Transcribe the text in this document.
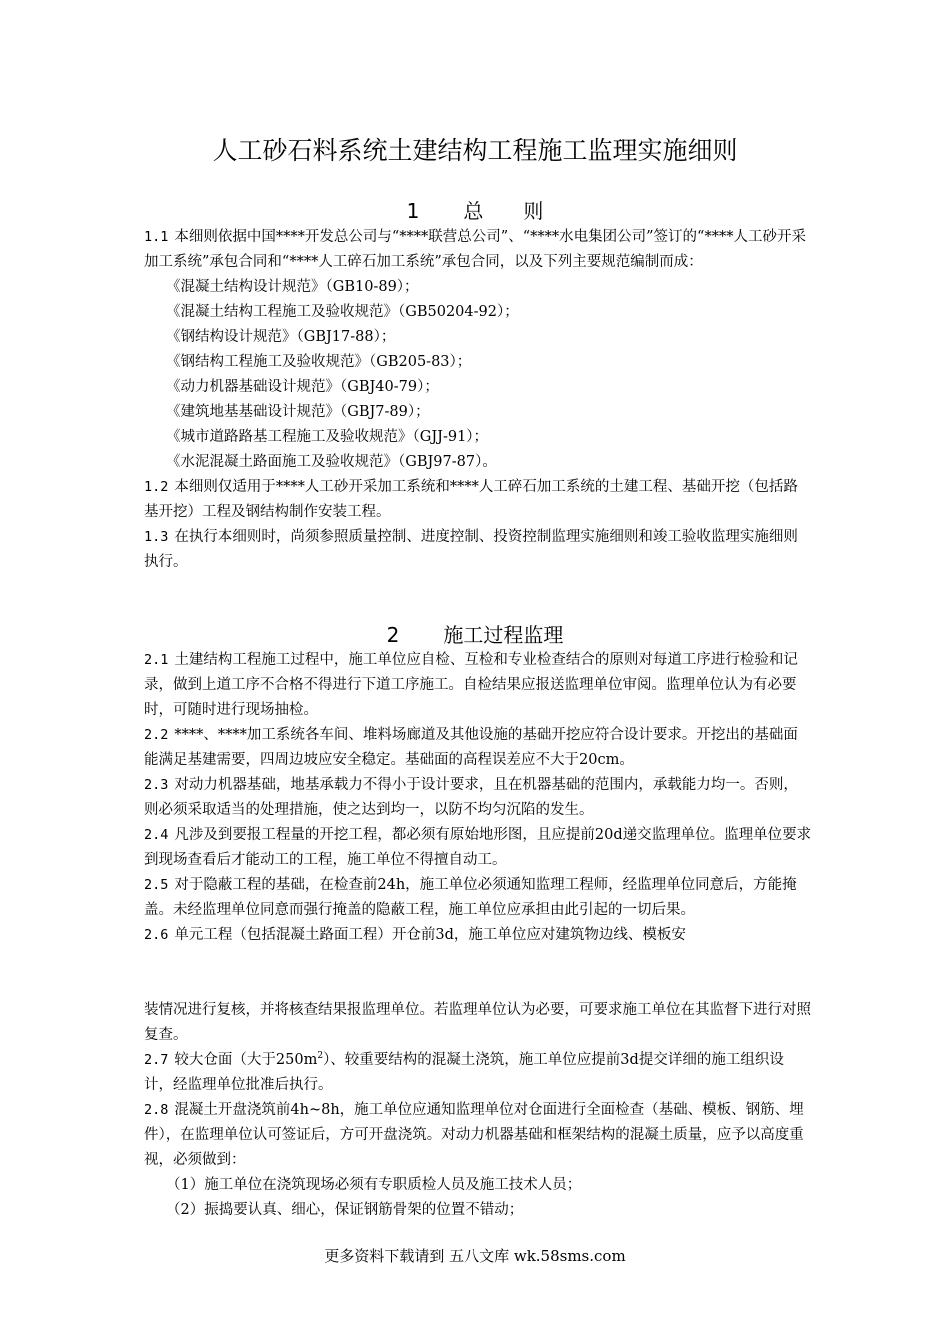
人工砂石料系统土建结构工程施工监理实施细则
1 总　　则

1.1 本细则依据中国****开发总公司与“****联营总公司”、“****水电集团公司”签订的“****人工砂开采加工系统”承包合同和“****人工碎石加工系统”承包合同，以及下列主要规范编制而成：

《混凝土结构设计规范》（GB10-89）；

《混凝土结构工程施工及验收规范》（GB50204-92）；

《钢结构设计规范》（GBJ17-88）；

《钢结构工程施工及验收规范》（GB205-83）；

《动力机器基础设计规范》（GBJ40-79）；

《建筑地基基础设计规范》（GBJ7-89）；

《城市道路路基工程施工及验收规范》（GJJ-91）；

《水泥混凝土路面施工及验收规范》（GBJ97-87）。

1.2 本细则仅适用于****人工砂开采加工系统和****人工碎石加工系统的土建工程、基础开挖（包括路基开挖）工程及钢结构制作安装工程。

1.3 在执行本细则时，尚须参照质量控制、进度控制、投资控制监理实施细则和竣工验收监理实施细则执行。

2 施工过程监理

2.1 土建结构工程施工过程中，施工单位应自检、互检和专业检查结合的原则对每道工序进行检验和记录，做到上道工序不合格不得进行下道工序施工。自检结果应报送监理单位审阅。监理单位认为有必要时，可随时进行现场抽检。

2.2 ****、****加工系统各车间、堆料场廊道及其他设施的基础开挖应符合设计要求。开挖出的基础面能满足基建需要，四周边坡应安全稳定。基础面的高程误差应不大于20cm。

2.3 对动力机器基础，地基承载力不得小于设计要求，且在机器基础的范围内，承载能力均一。否则，则必须采取适当的处理措施，使之达到均一，以防不均匀沉陷的发生。

2.4 凡涉及到要报工程量的开挖工程，都必须有原始地形图，且应提前20d递交监理单位。监理单位要求到现场查看后才能动工的工程，施工单位不得擅自动工。

2.5 对于隐蔽工程的基础，在检查前24h，施工单位必须通知监理工程师，经监理单位同意后，方能掩盖。未经监理单位同意而强行掩盖的隐蔽工程，施工单位应承担由此引起的一切后果。

2.6 单元工程（包括混凝土路面工程）开仓前3d，施工单位应对建筑物边线、模板安

装情况进行复核，并将核查结果报监理单位。若监理单位认为必要，可要求施工单位在其监督下进行对照复查。

2.7 较大仓面（大于$250m^2$）、较重要结构的混凝土浇筑，施工单位应提前3d提交详细的施工组织设计，经监理单位批准后执行。

2.8 混凝土开盘浇筑前4h~8h，施工单位应通知监理单位对仓面进行全面检查（基础、模板、钢筋、埋件），在监理单位认可签证后，方可开盘浇筑。对动力机器基础和框架结构的混凝土质量，应予以高度重视，必须做到：

（1）施工单位在浇筑现场必须有专职质检人员及施工技术人员；

（2）振捣要认真、细心，保证钢筋骨架的位置不错动；

更多资料下载请到 五八文库 wk.58sms.com
